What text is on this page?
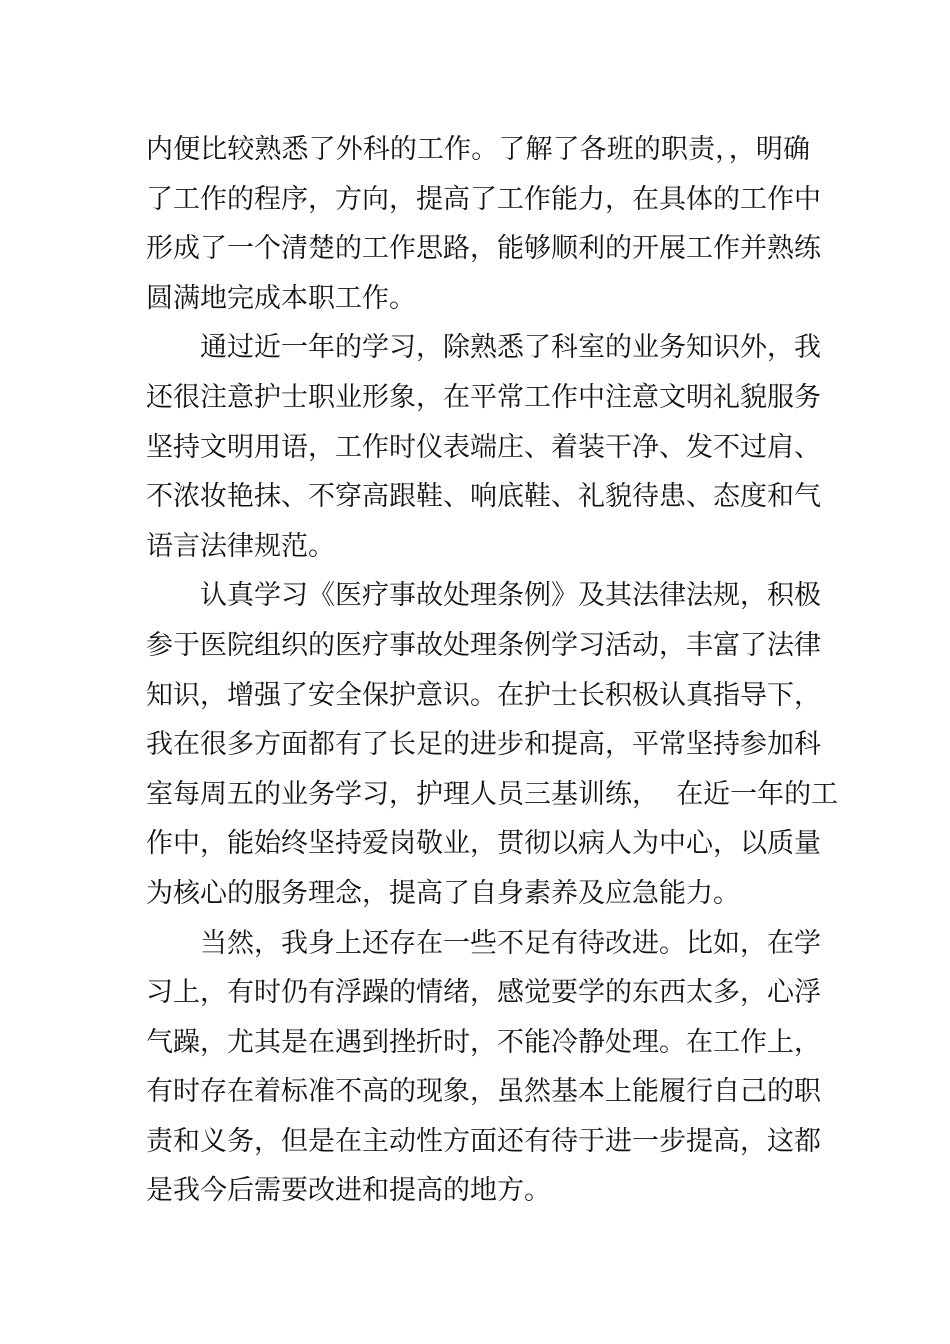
内便比较熟悉了外科的工作。了解了各班的职责，，明确
了工作的程序，方向，提高了工作能力，在具体的工作中
形成了一个清楚的工作思路，能够顺利的开展工作并熟练
圆满地完成本职工作。
通过近一年的学习，除熟悉了科室的业务知识外，我
还很注意护士职业形象，在平常工作中注意文明礼貌服务
坚持文明用语，工作时仪表端庄、着装干净、发不过肩、
不浓妆艳抹、不穿高跟鞋、响底鞋、礼貌待患、态度和气
语言法律规范。
认真学习《医疗事故处理条例》及其法律法规，积极
参于医院组织的医疗事故处理条例学习活动，丰富了法律
知识，增强了安全保护意识。在护士长积极认真指导下，
我在很多方面都有了长足的进步和提高，平常坚持参加科
室每周五的业务学习，护理人员三基训练，  在近一年的工
作中，能始终坚持爱岗敬业，贯彻以病人为中心，以质量
为核心的服务理念，提高了自身素养及应急能力。
当然，我身上还存在一些不足有待改进。比如，在学
习上，有时仍有浮躁的情绪，感觉要学的东西太多，心浮
气躁，尤其是在遇到挫折时，不能冷静处理。在工作上，
有时存在着标准不高的现象，虽然基本上能履行自己的职
责和义务，但是在主动性方面还有待于进一步提高，这都
是我今后需要改进和提高的地方。
